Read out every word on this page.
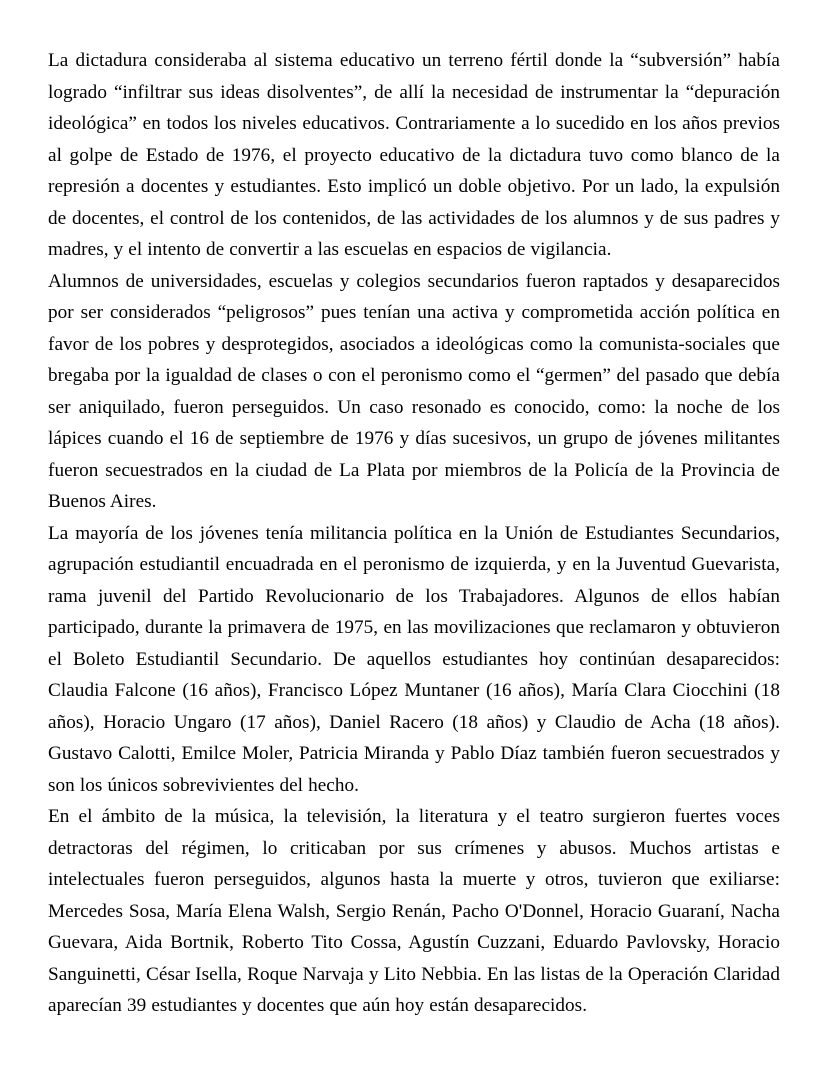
La dictadura consideraba al sistema educativo un terreno fértil donde la “subversión” había logrado “infiltrar sus ideas disolventes”, de allí la necesidad de instrumentar la “depuración ideológica” en todos los niveles educativos. Contrariamente a lo sucedido en los años previos al golpe de Estado de 1976, el proyecto educativo de la dictadura tuvo como blanco de la represión a docentes y estudiantes. Esto implicó un doble objetivo. Por un lado, la expulsión de docentes, el control de los contenidos, de las actividades de los alumnos y de sus padres y madres, y el intento de convertir a las escuelas en espacios de vigilancia.

Alumnos de universidades, escuelas y colegios secundarios fueron raptados y desaparecidos por ser considerados “peligrosos” pues tenían una activa y comprometida acción política en favor de los pobres y desprotegidos, asociados a ideológicas como la comunista-sociales que bregaba por la igualdad de clases o con el peronismo como el “germen” del pasado que debía ser aniquilado, fueron perseguidos. Un caso resonado es conocido, como: la noche de los lápices cuando el 16 de septiembre de 1976 y días sucesivos, un grupo de jóvenes militantes fueron secuestrados en la ciudad de La Plata por miembros de la Policía de la Provincia de Buenos Aires.

La mayoría de los jóvenes tenía militancia política en la Unión de Estudiantes Secundarios, agrupación estudiantil encuadrada en el peronismo de izquierda, y en la Juventud Guevarista, rama juvenil del Partido Revolucionario de los Trabajadores. Algunos de ellos habían participado, durante la primavera de 1975, en las movilizaciones que reclamaron y obtuvieron el Boleto Estudiantil Secundario. De aquellos estudiantes hoy continúan desaparecidos: Claudia Falcone (16 años), Francisco López Muntaner (16 años), María Clara Ciocchini (18 años), Horacio Ungaro (17 años), Daniel Racero (18 años) y Claudio de Acha (18 años). Gustavo Calotti, Emilce Moler, Patricia Miranda y Pablo Díaz también fueron secuestrados y son los únicos sobrevivientes del hecho.

En el ámbito de la música, la televisión, la literatura y el teatro surgieron fuertes voces detractoras del régimen, lo criticaban por sus crímenes y abusos. Muchos artistas e intelectuales fueron perseguidos, algunos hasta la muerte y otros, tuvieron que exiliarse: Mercedes Sosa, María Elena Walsh, Sergio Renán, Pacho O'Donnel, Horacio Guaraní, Nacha Guevara, Aida Bortnik, Roberto Tito Cossa, Agustín Cuzzani, Eduardo Pavlovsky, Horacio Sanguinetti, César Isella, Roque Narvaja y Lito Nebbia. En las listas de la Operación Claridad aparecían 39 estudiantes y docentes que aún hoy están desaparecidos.
